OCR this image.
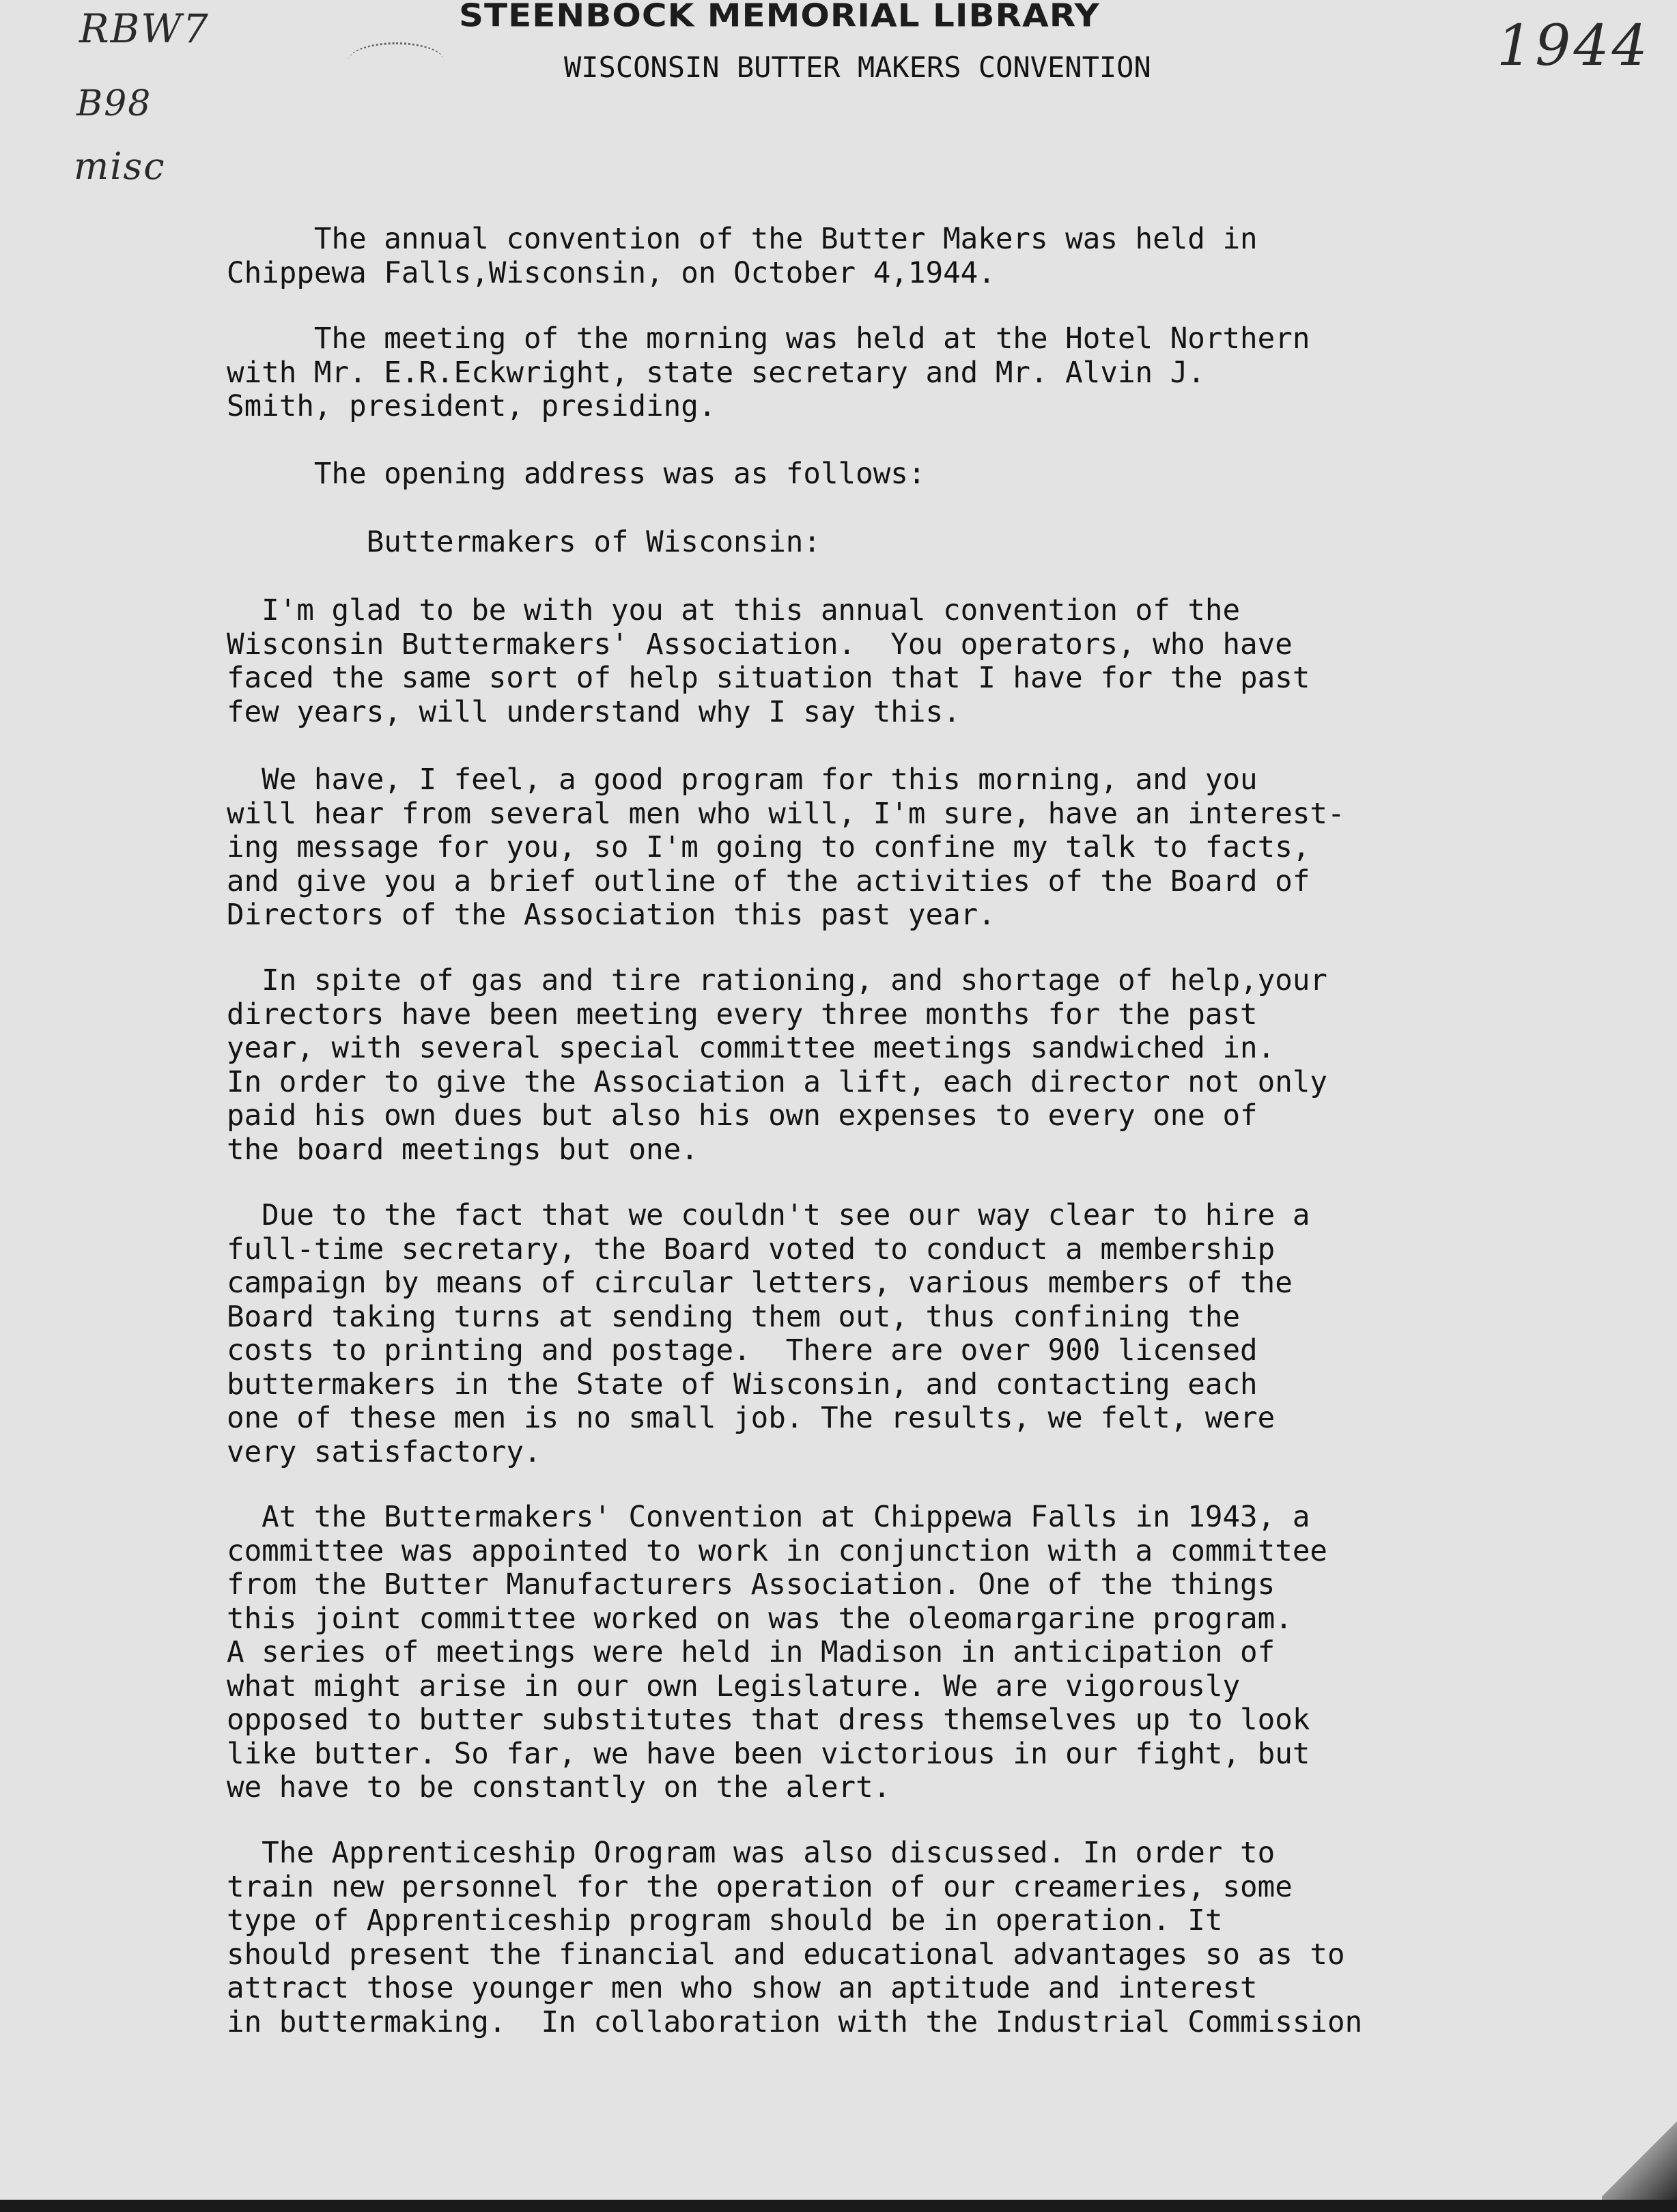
RBW7
B98
misc
1944
STEENBOCK MEMORIAL LIBRARY
WISCONSIN BUTTER MAKERS CONVENTION
The annual convention of the Butter Makers was held in
Chippewa Falls,Wisconsin, on October 4,1944.
The meeting of the morning was held at the Hotel Northern
with Mr. E.R.Eckwright, state secretary and Mr. Alvin J.
Smith, president, presiding.
The opening address was as follows:
Buttermakers of Wisconsin:
I'm glad to be with you at this annual convention of the
Wisconsin Buttermakers' Association.  You operators, who have
faced the same sort of help situation that I have for the past
few years, will understand why I say this.
We have, I feel, a good program for this morning, and you
will hear from several men who will, I'm sure, have an interest-
ing message for you, so I'm going to confine my talk to facts,
and give you a brief outline of the activities of the Board of
Directors of the Association this past year.
In spite of gas and tire rationing, and shortage of help,your
directors have been meeting every three months for the past
year, with several special committee meetings sandwiched in.
In order to give the Association a lift, each director not only
paid his own dues but also his own expenses to every one of
the board meetings but one.
Due to the fact that we couldn't see our way clear to hire a
full-time secretary, the Board voted to conduct a membership
campaign by means of circular letters, various members of the
Board taking turns at sending them out, thus confining the
costs to printing and postage.  There are over 900 licensed
buttermakers in the State of Wisconsin, and contacting each
one of these men is no small job. The results, we felt, were
very satisfactory.
At the Buttermakers' Convention at Chippewa Falls in 1943, a
committee was appointed to work in conjunction with a committee
from the Butter Manufacturers Association. One of the things
this joint committee worked on was the oleomargarine program.
A series of meetings were held in Madison in anticipation of
what might arise in our own Legislature. We are vigorously
opposed to butter substitutes that dress themselves up to look
like butter. So far, we have been victorious in our fight, but
we have to be constantly on the alert.
The Apprenticeship Orogram was also discussed. In order to
train new personnel for the operation of our creameries, some
type of Apprenticeship program should be in operation. It
should present the financial and educational advantages so as to
attract those younger men who show an aptitude and interest
in buttermaking.  In collaboration with the Industrial Commission
